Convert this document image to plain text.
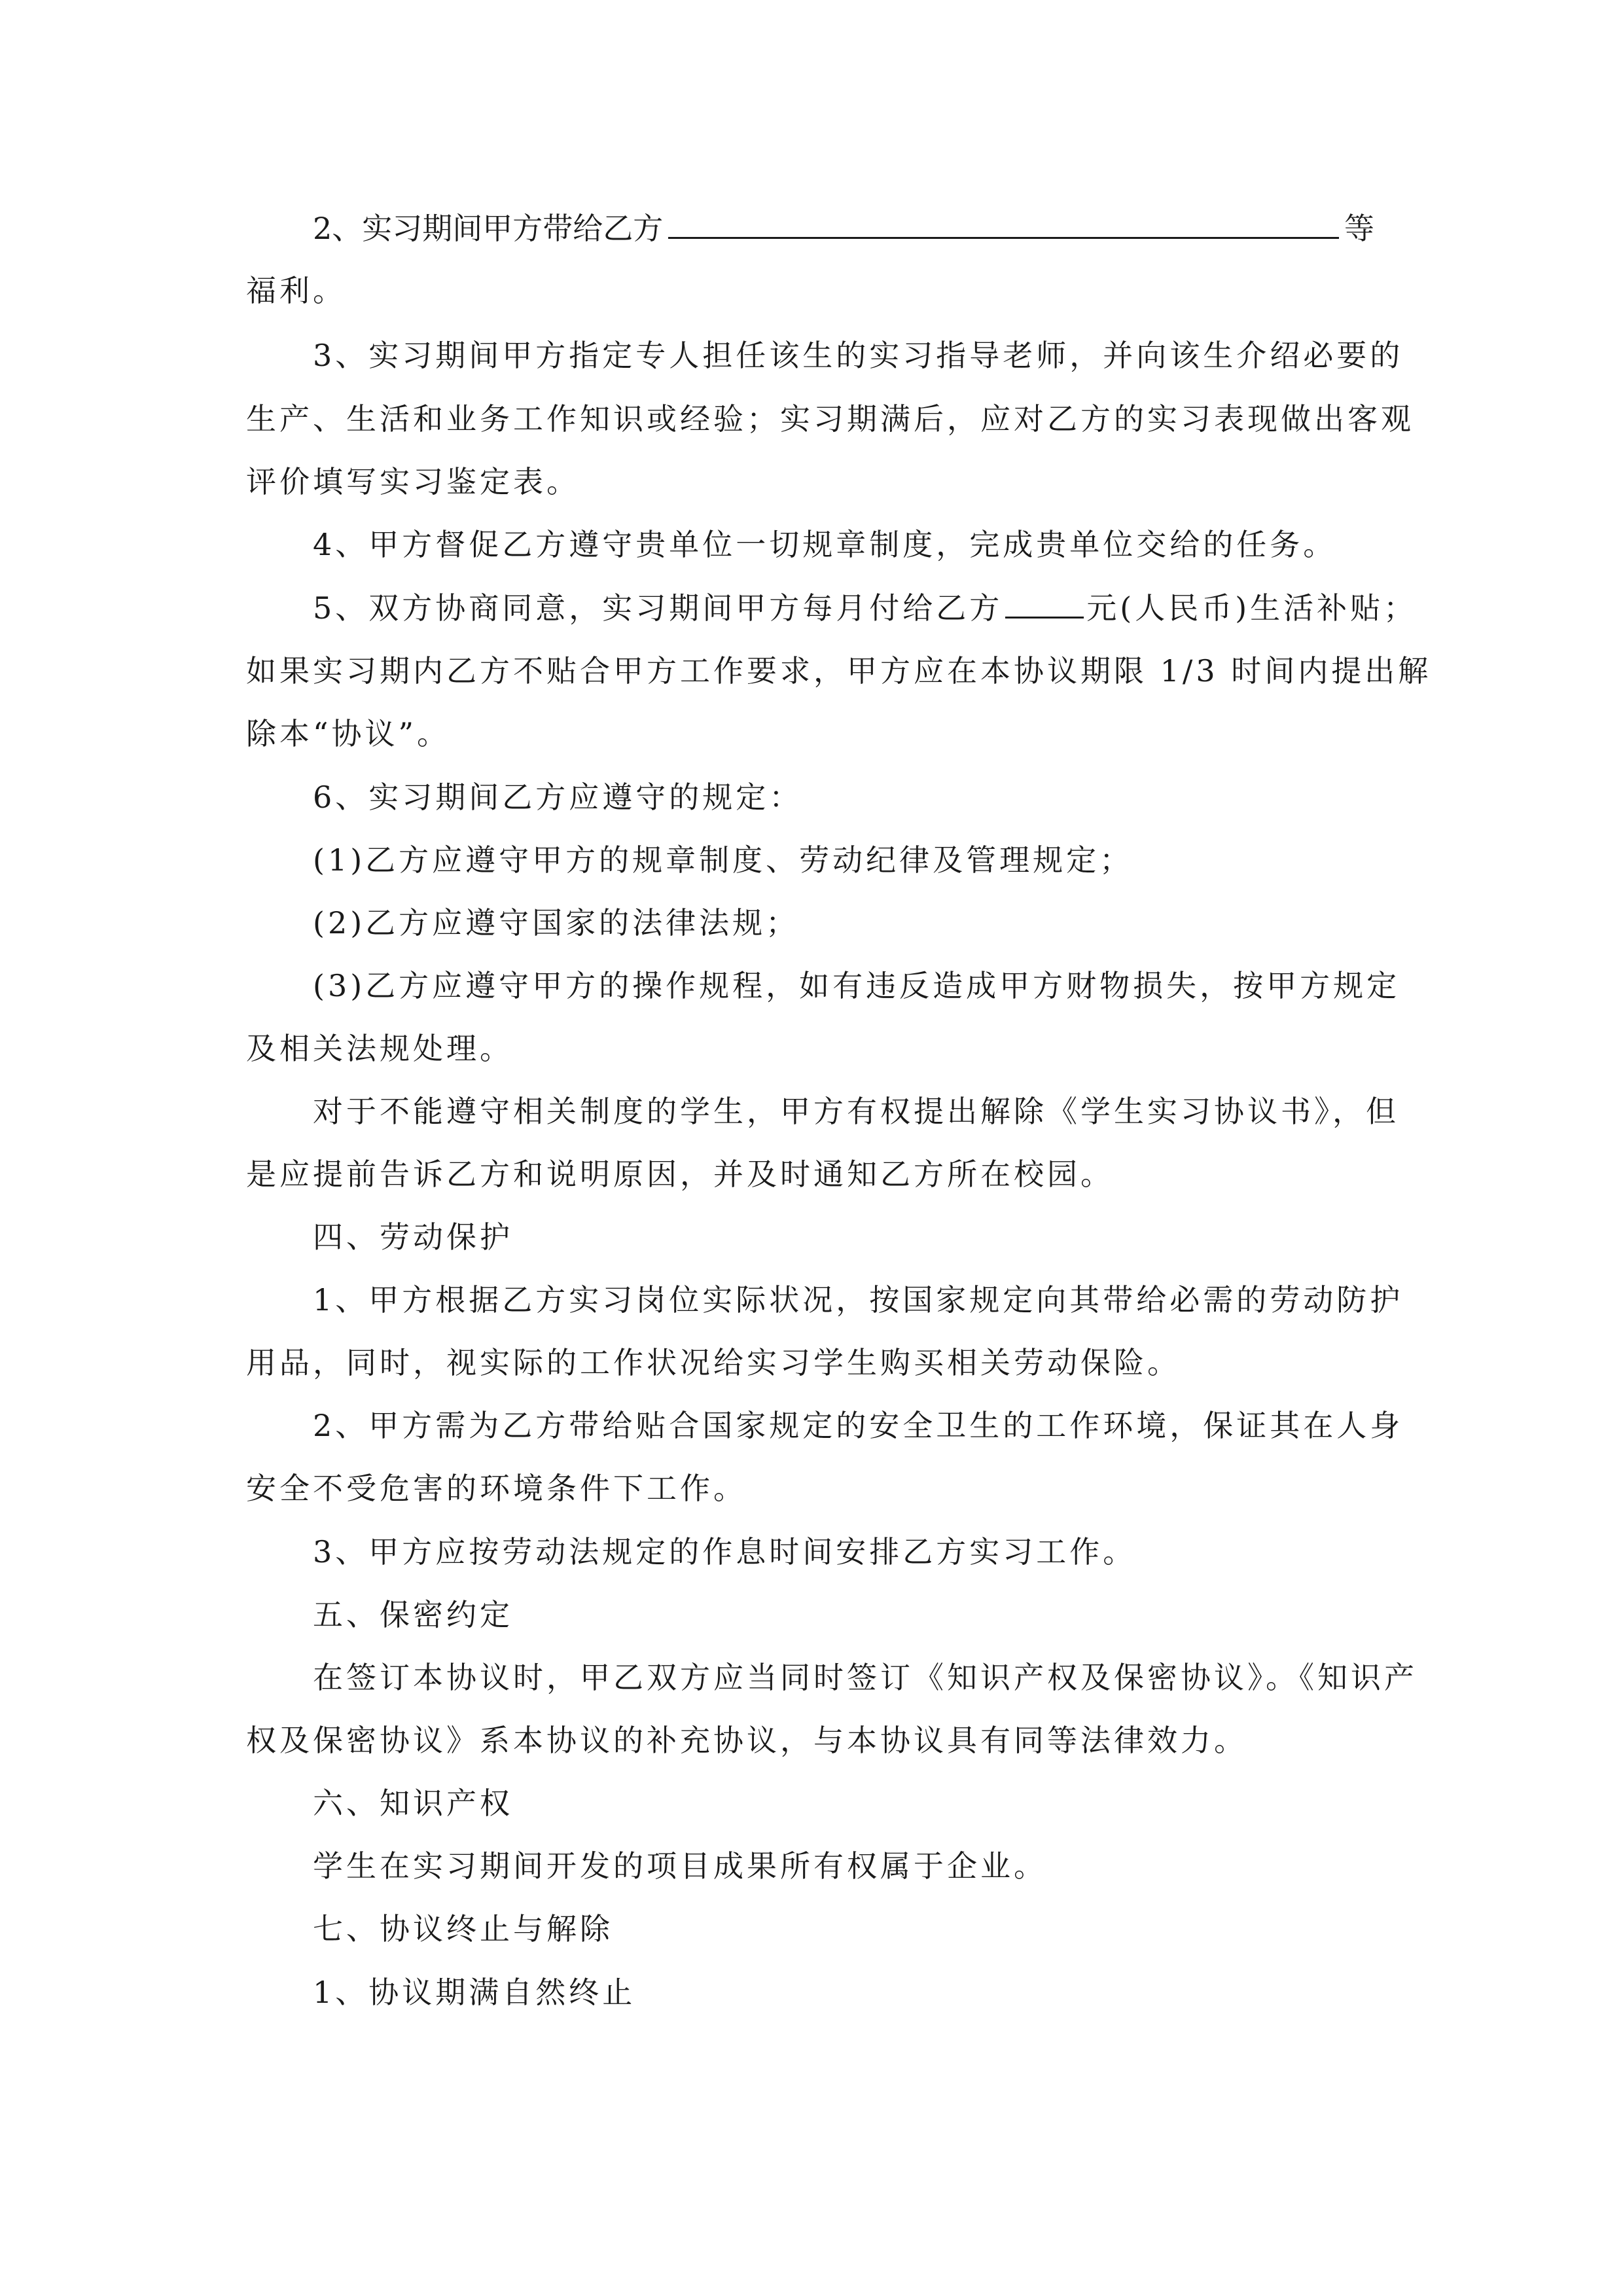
2、实习期间甲方带给乙方	等
福利。
3、实习期间甲方指定专人担任该生的实习指导老师，并向该生介绍必要的
生产、生活和业务工作知识或经验；实习期满后，应对乙方的实习表现做出客观
评价填写实习鉴定表。
4、甲方督促乙方遵守贵单位一切规章制度，完成贵单位交给的任务。
5、双方协商同意，实习期间甲方每月付给乙方	元(人民币)生活补贴；
如果实习期内乙方不贴合甲方工作要求，甲方应在本协议期限 1/3 时间内提出解
除本“协议”。
6、实习期间乙方应遵守的规定：
(1)乙方应遵守甲方的规章制度、劳动纪律及管理规定；
(2)乙方应遵守国家的法律法规；
(3)乙方应遵守甲方的操作规程，如有违反造成甲方财物损失，按甲方规定
及相关法规处理。
对于不能遵守相关制度的学生，甲方有权提出解除《学生实习协议书》，但
是应提前告诉乙方和说明原因，并及时通知乙方所在校园。
四、劳动保护
1、甲方根据乙方实习岗位实际状况，按国家规定向其带给必需的劳动防护
用品，同时，视实际的工作状况给实习学生购买相关劳动保险。
2、甲方需为乙方带给贴合国家规定的安全卫生的工作环境，保证其在人身
安全不受危害的环境条件下工作。
3、甲方应按劳动法规定的作息时间安排乙方实习工作。
五、保密约定
在签订本协议时，甲乙双方应当同时签订《知识产权及保密协议》。《知识产
权及保密协议》系本协议的补充协议，与本协议具有同等法律效力。
六、知识产权
学生在实习期间开发的项目成果所有权属于企业。
七、协议终止与解除
1、协议期满自然终止
